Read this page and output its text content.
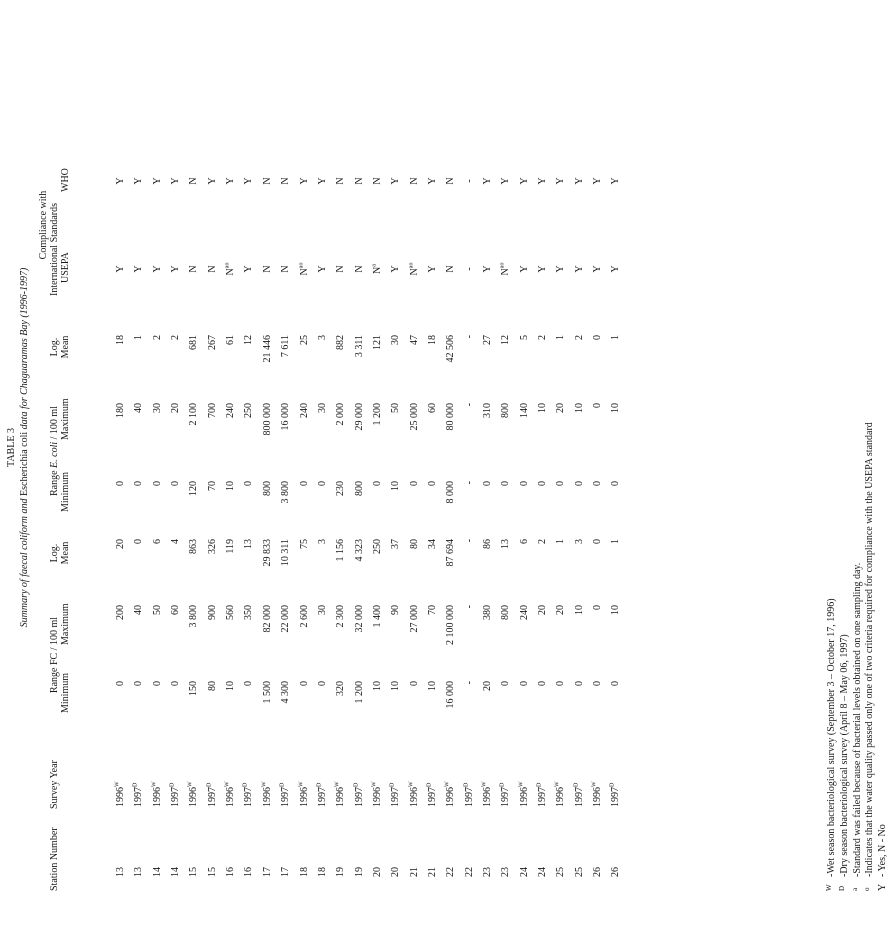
TABLE 3
Summary of faecal coliform and Escherichia coli data for Chaguaramas Bay (1996-1997)
Station Number
Survey Year
Range FC / 100 ml Minimum
Maximum
Log. Mean
Range E. coli / 100 ml
Minimum
Maximum
Log. Mean
Compliance with International Standards USEPA
WHO
13
$1996^W$
0
200
20
0
180
18
Y
Y
13
$1997^D$
0
40
0
0
40
1
Y
Y
14
$1996^W$
0
50
6
0
30
2
Y
Y
14
$1997^D$
0
60
4
0
20
2
Y
Y
15
$1996^W$
150
3 800
863
120
2 100
681
N
N
15
$1997^D$
80
900
326
70
700
267
N
Y
16
$1996^W$
10
560
119
10
240
61
$N^{ao}$
Y
16
$1997^D$
0
350
13
0
250
12
Y
Y
17
$1996^W$
1 500
82 000
29 833
800
800 000
21 446
N
N
17
$1997^D$
4 300
22 000
10 311
3 800
16 000
7 611
N
N
18
$1996^W$
0
2 600
75
0
240
25
$N^{ao}$
Y
18
$1997^D$
0
30
3
0
30
3
Y
Y
19
$1996^W$
320
2 300
1 156
230
2 000
882
N
N
19
$1997^D$
1 200
32 000
4 323
800
29 000
3 311
N
N
20
$1996^W$
10
1 400
250
0
1 200
121
$N^a$
N
20
$1997^D$
10
90
37
10
50
30
Y
Y
21
$1996^W$
0
27 000
80
0
25 000
47
$N^{ao}$
N
21
$1997^D$
10
70
34
0
60
18
Y
Y
22
$1996^W$
16 000
2 100 000
87 694
8 000
80 000
42 506
N
N
22
$1997^D$
-
-
-
-
-
-
-
-
23
$1996^W$
20
380
86
0
310
27
Y
Y
23
$1997^D$
0
800
13
0
800
12
$N^{ao}$
Y
24
$1996^W$
0
240
6
0
140
5
Y
Y
24
$1997^D$
0
20
2
0
10
2
Y
Y
25
$1996^W$
0
20
1
0
20
1
Y
Y
25
$1997^D$
0
10
3
0
10
2
Y
Y
26
$1996^W$
0
0
0
0
0
0
Y
Y
26
$1997^D$
0
10
1
0
10
1
Y
Y
W-Wet season bacteriological survey (September 3 – October 17, 1996)
D-Dry season bacteriological survey (April 8 – May 06, 1997)
a-Standard was failed because of bacterial levels obtained on one sampling day.
o-Indicates that the water quality passed only one of two criteria required for compliance with the USEPA standard
Y- Yes, N - No
